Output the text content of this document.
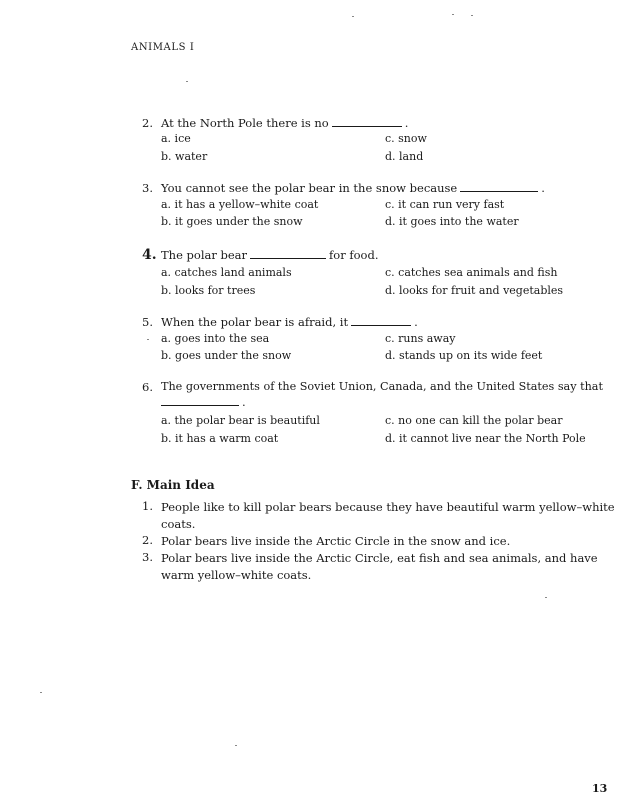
ANIMALS I
2. At the North Pole there is no	.
a. ice
b. water
c. snow
d. land
3. You cannot see the polar bear in the snow because	.
a. it has a yellow–white coat
b. it goes under the snow
c. it can run very fast
d. it goes into the water
4. The polar bear	for food.
a. catches land animals
b. looks for trees
c. catches sea animals and fish
d. looks for fruit and vegetables
5. When the polar bear is afraid, it	.
a. goes into the sea
b. goes under the snow
c. runs away
d. stands up on its wide feet
6. The governments of the Soviet Union, Canada, and the United States say that
.
a. the polar bear is beautiful
b. it has a warm coat
c. no one can kill the polar bear
d. it cannot live near the North Pole
F. Main Idea
1. People like to kill polar bears because they have beautiful warm yellow–white coats.
2. Polar bears live inside the Arctic Circle in the snow and ice.
3. Polar bears live inside the Arctic Circle, eat fish and sea animals, and have warm yellow–white coats.
13
